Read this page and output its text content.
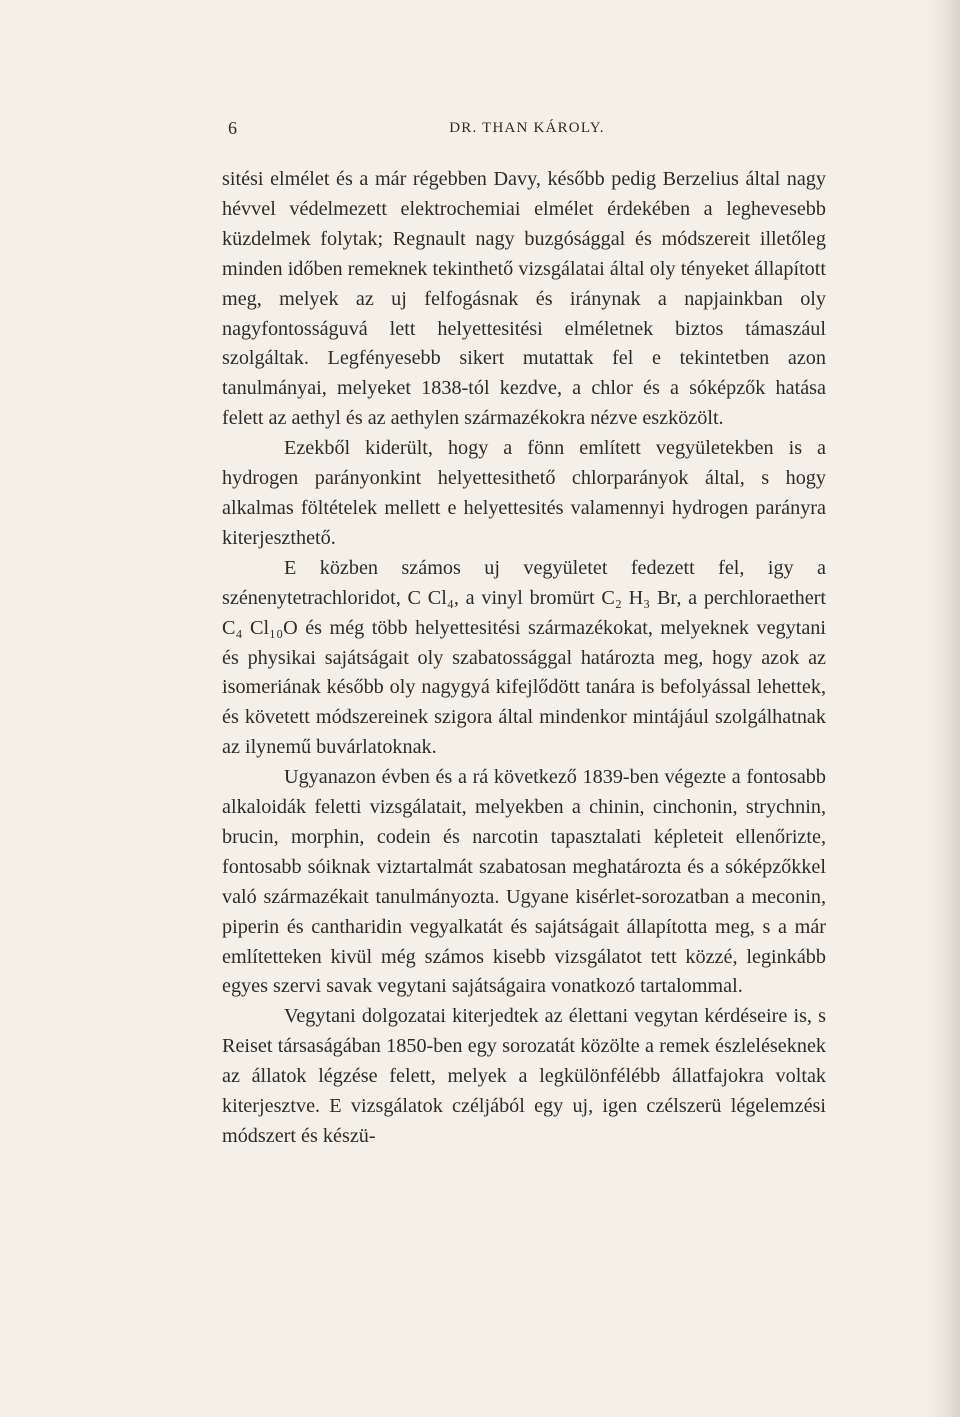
6	DR. THAN KÁROLY.

sitési elmélet és a már régebben Davy, később pedig Berzelius által nagy hévvel védelmezett elektrochemiai elmélet érdekében a leghevesebb küzdelmek folytak; Regnault nagy buzgósággal és módszereit illetőleg minden időben remeknek tekinthető vizsgálatai által oly tényeket állapított meg, melyek az uj felfogásnak és iránynak a napjainkban oly nagyfontosságuvá lett helyettesitési elméletnek biztos támaszául szolgáltak. Legfényesebb sikert mutattak fel e tekintetben azon tanulmányai, melyeket 1838-tól kezdve, a chlor és a sóképzők hatása felett az aethyl és az aethylen származékokra nézve eszközölt.

Ezekből kiderült, hogy a fönn említett vegyületekben is a hydrogen parányonkint helyettesithető chlorparányok által, s hogy alkalmas föltételek mellett e helyettesités valamennyi hydrogen parányra kiterjeszthető.

E közben számos uj vegyületet fedezett fel, igy a szénenytetrachloridot, C Cl₄, a vinyl bromürt C₂ H₃ Br, a perchloraethert C₄ Cl₁₀O és még több helyettesitési származékokat, melyeknek vegytani és physikai sajátságait oly szabatossággal határozta meg, hogy azok az isomeriának később oly nagygyá kifejlődött tanára is befolyással lehettek, és követett módszereinek szigora által mindenkor mintájául szolgálhatnak az ilynemű buvárlatoknak.

Ugyanazon évben és a rá következő 1839-ben végezte a fontosabb alkaloidák feletti vizsgálatait, melyekben a chinin, cinchonin, strychnin, brucin, morphin, codein és narcotin tapasztalati képleteit ellenőrizte, fontosabb sóiknak viztartalmát szabatosan meghatározta és a sóképzőkkel való származékait tanulmányozta. Ugyane kisérlet-sorozatban a meconin, piperin és cantharidin vegyalkatát és sajátságait állapította meg, s a már említetteken kivül még számos kisebb vizsgálatot tett közzé, leginkább egyes szervi savak vegytani sajátságaira vonatkozó tartalommal.

Vegytani dolgozatai kiterjedtek az élettani vegytan kérdéseire is, s Reiset társaságában 1850-ben egy sorozatát közölte a remek észleléseknek az állatok légzése felett, melyek a legkülönfélébb állatfajokra voltak kiterjesztve. E vizsgálatok czéljából egy uj, igen czélszerü légelemzési módszert és készü-
